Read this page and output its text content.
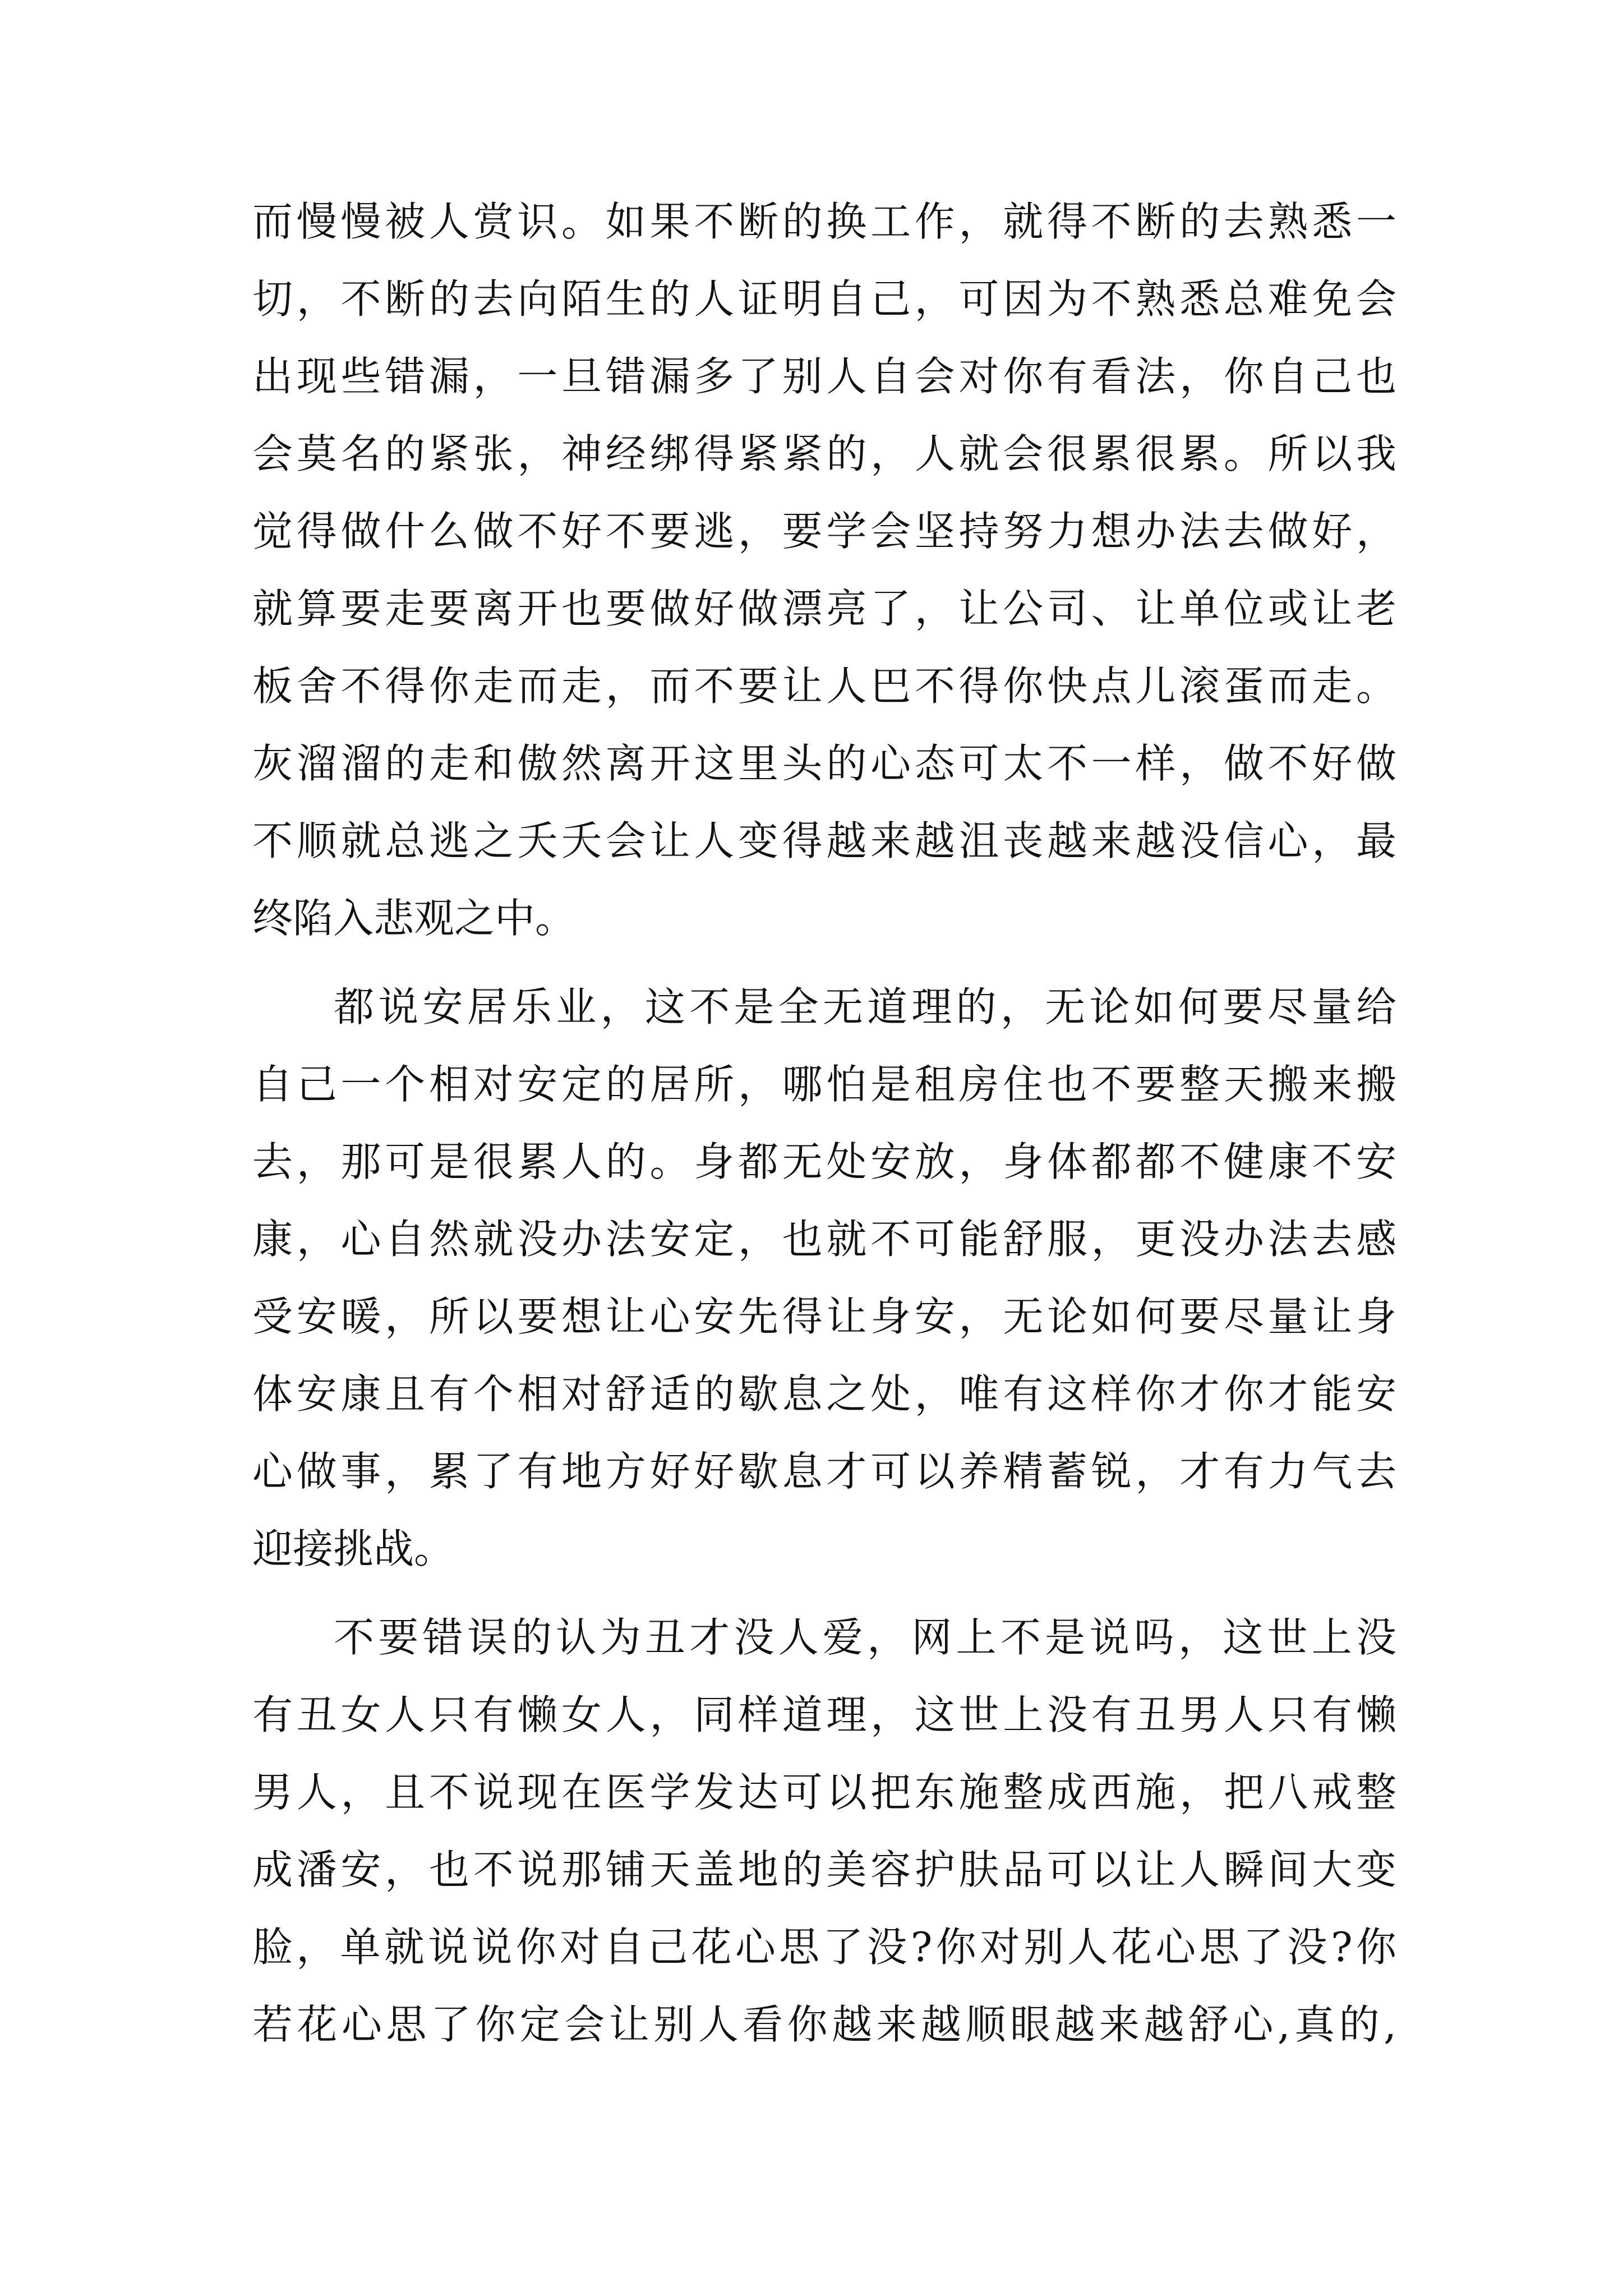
而慢慢被人赏识。如果不断的换工作，就得不断的去熟悉一
切，不断的去向陌生的人证明自己，可因为不熟悉总难免会
出现些错漏，一旦错漏多了别人自会对你有看法，你自己也
会莫名的紧张，神经绑得紧紧的，人就会很累很累。所以我
觉得做什么做不好不要逃，要学会坚持努力想办法去做好，
就算要走要离开也要做好做漂亮了，让公司、让单位或让老
板舍不得你走而走，而不要让人巴不得你快点儿滚蛋而走。
灰溜溜的走和傲然离开这里头的心态可太不一样，做不好做
不顺就总逃之夭夭会让人变得越来越沮丧越来越没信心，最
终陷入悲观之中。
都说安居乐业，这不是全无道理的，无论如何要尽量给
自己一个相对安定的居所，哪怕是租房住也不要整天搬来搬
去，那可是很累人的。身都无处安放，身体都都不健康不安
康，心自然就没办法安定，也就不可能舒服，更没办法去感
受安暖，所以要想让心安先得让身安，无论如何要尽量让身
体安康且有个相对舒适的歇息之处，唯有这样你才你才能安
心做事，累了有地方好好歇息才可以养精蓄锐，才有力气去
迎接挑战。
不要错误的认为丑才没人爱，网上不是说吗，这世上没
有丑女人只有懒女人，同样道理，这世上没有丑男人只有懒
男人，且不说现在医学发达可以把东施整成西施，把八戒整
成潘安，也不说那铺天盖地的美容护肤品可以让人瞬间大变
脸，单就说说你对自己花心思了没?你对别人花心思了没?你
若花心思了你定会让别人看你越来越顺眼越来越舒心,真的,
